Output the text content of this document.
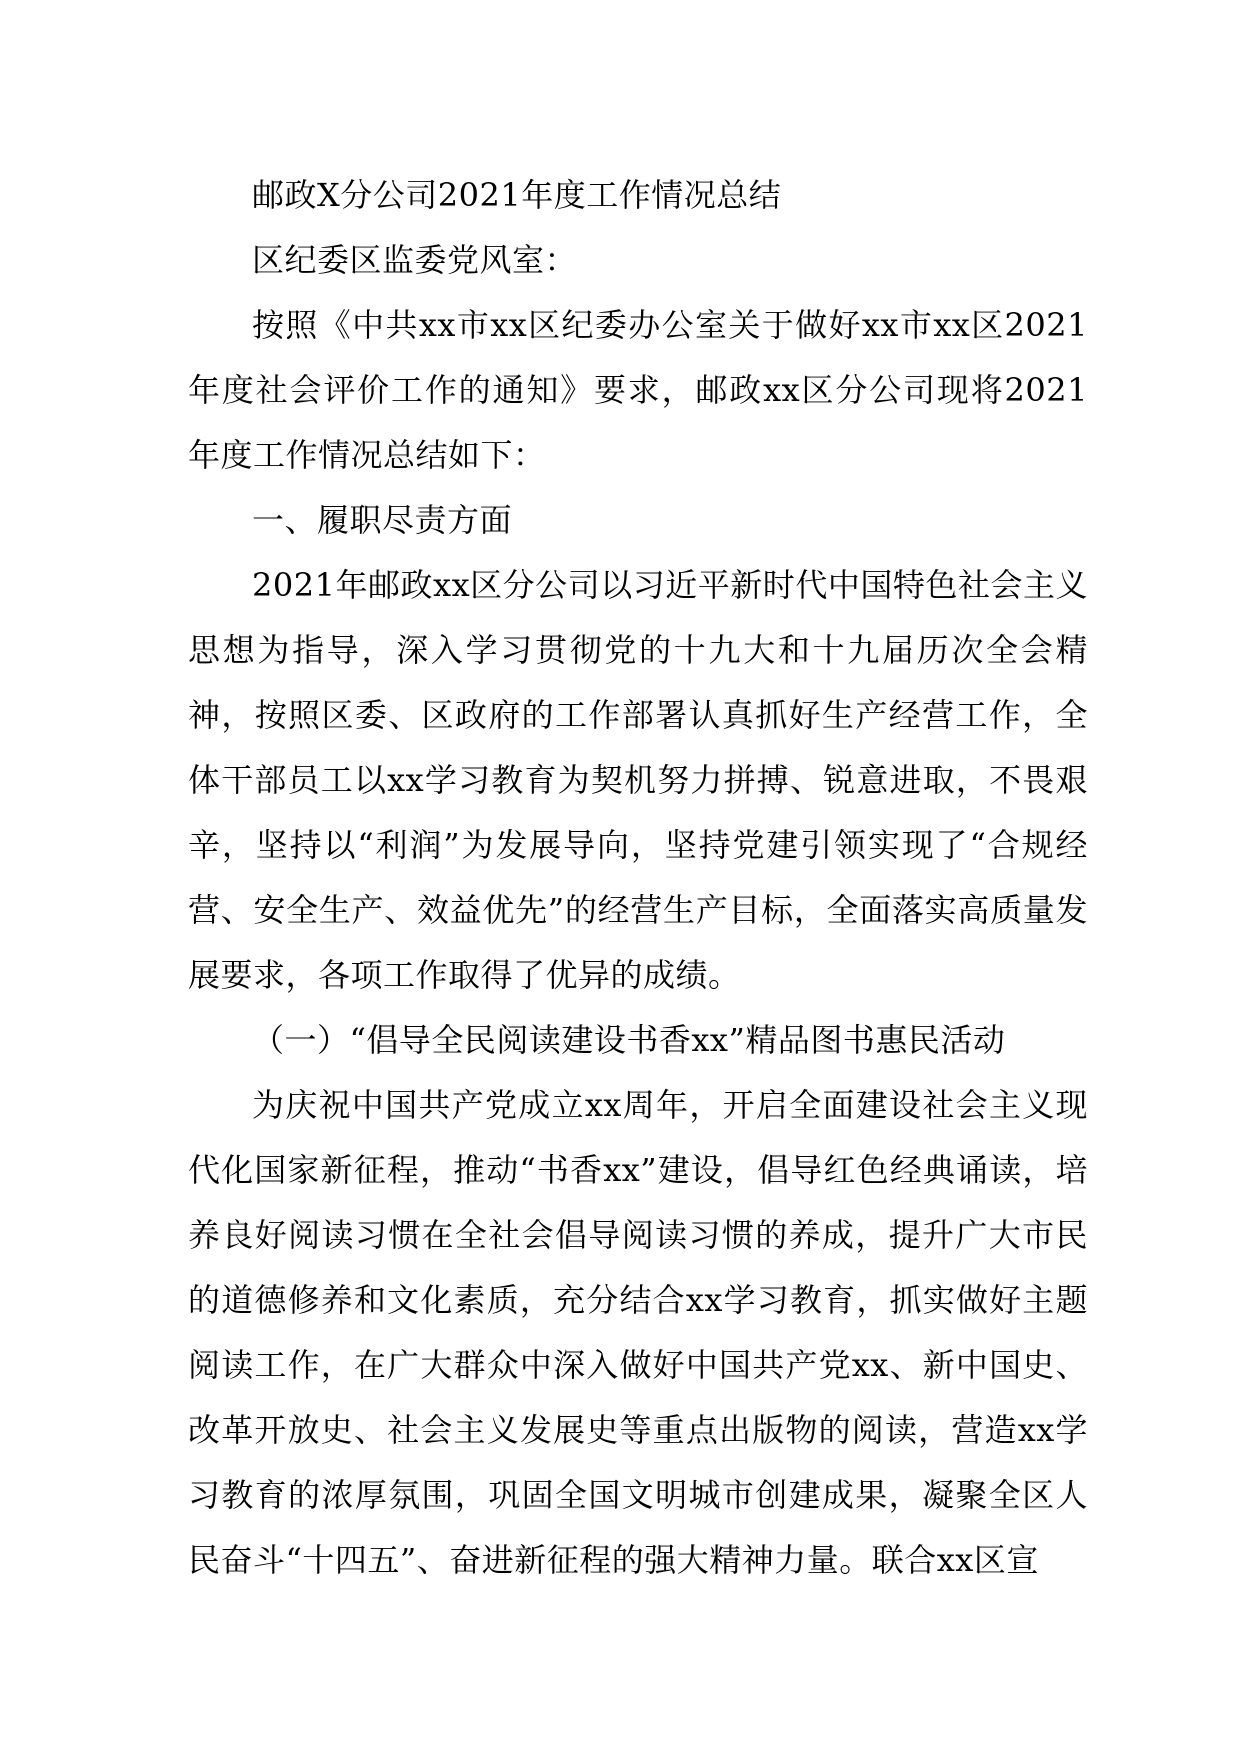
邮政X分公司2021年度工作情况总结

区纪委区监委党风室：

按照《中共xx市xx区纪委办公室关于做好xx市xx区2021年度社会评价工作的通知》要求，邮政xx区分公司现将2021年度工作情况总结如下：

一、履职尽责方面

2021年邮政xx区分公司以习近平新时代中国特色社会主义思想为指导，深入学习贯彻党的十九大和十九届历次全会精神，按照区委、区政府的工作部署认真抓好生产经营工作，全体干部员工以xx学习教育为契机努力拼搏、锐意进取，不畏艰辛，坚持以“利润”为发展导向，坚持党建引领实现了“合规经营、安全生产、效益优先”的经营生产目标，全面落实高质量发展要求，各项工作取得了优异的成绩。

（一）“倡导全民阅读建设书香xx”精品图书惠民活动

为庆祝中国共产党成立xx周年，开启全面建设社会主义现代化国家新征程，推动“书香xx”建设，倡导红色经典诵读，培养良好阅读习惯在全社会倡导阅读习惯的养成，提升广大市民的道德修养和文化素质，充分结合xx学习教育，抓实做好主题阅读工作，在广大群众中深入做好中国共产党xx、新中国史、改革开放史、社会主义发展史等重点出版物的阅读，营造xx学习教育的浓厚氛围，巩固全国文明城市创建成果，凝聚全区人民奋斗“十四五”、奋进新征程的强大精神力量。联合xx区宣
